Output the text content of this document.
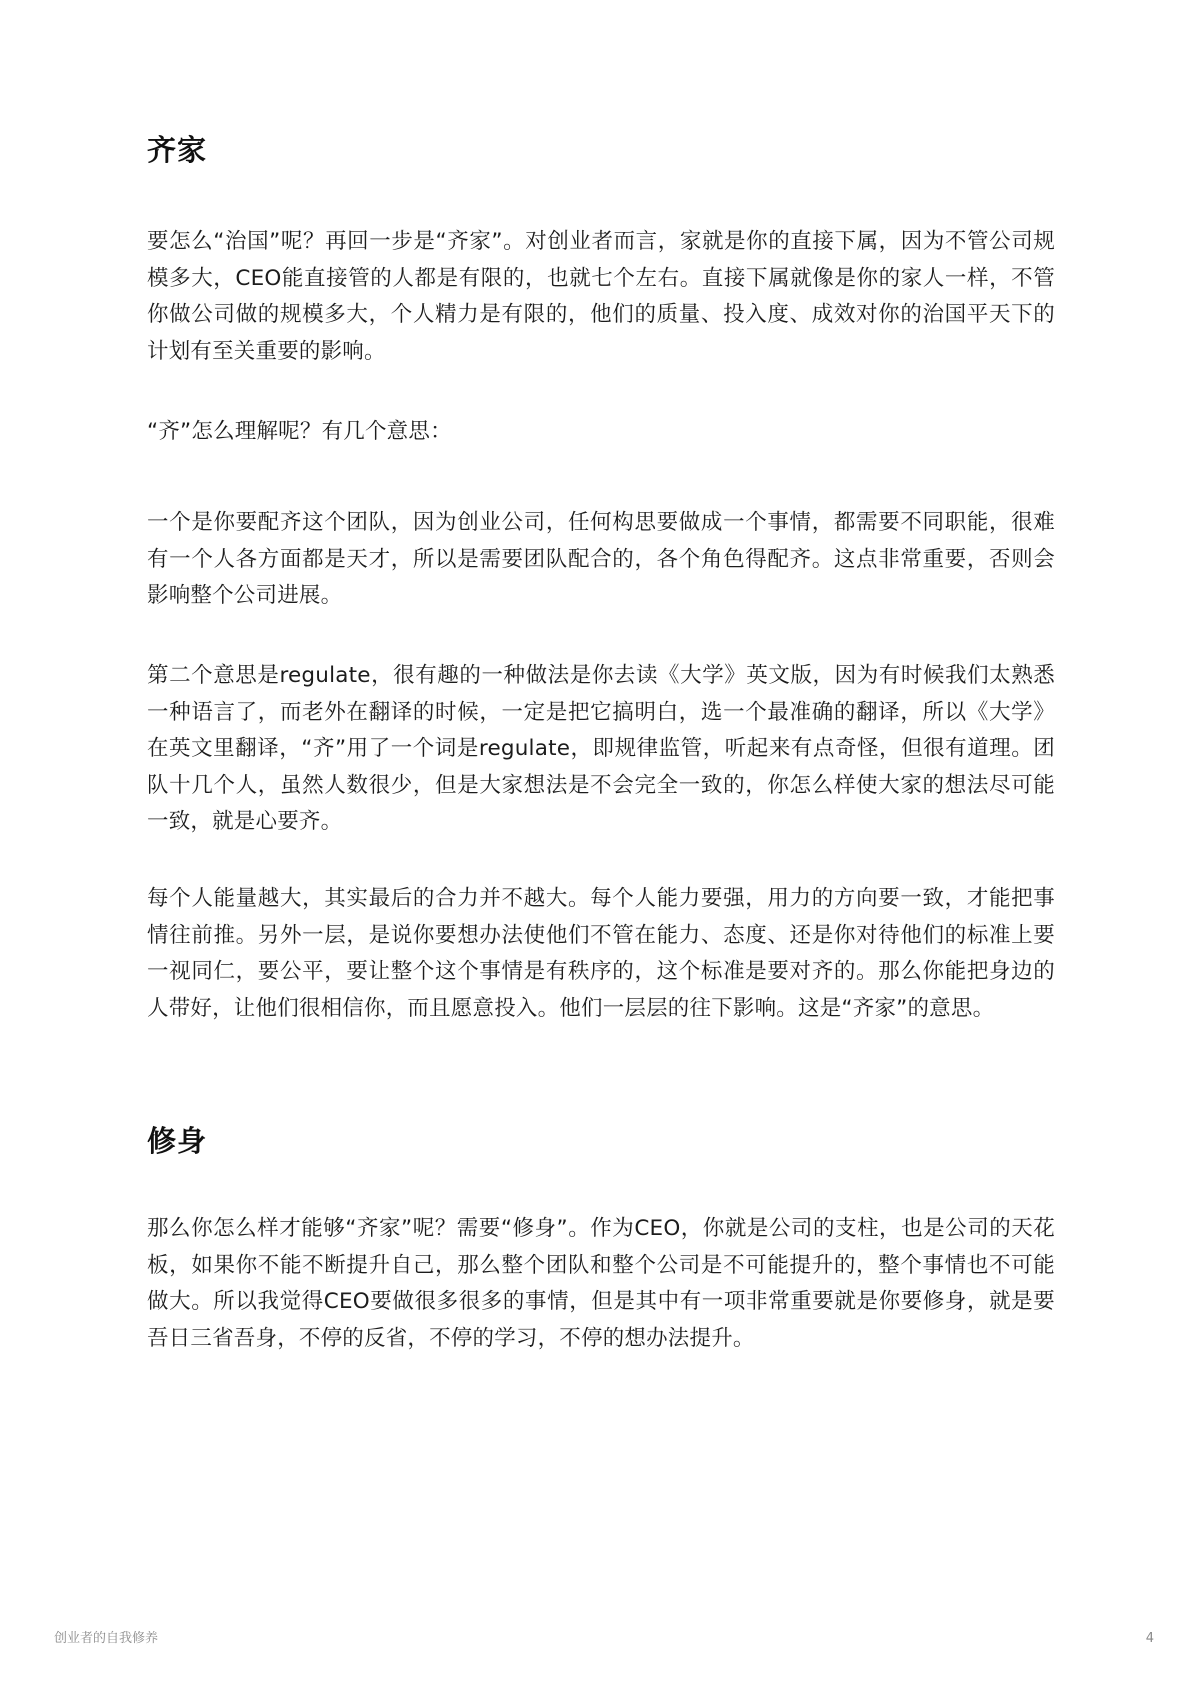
齐家

要怎么“治国”呢？再回一步是“齐家”。对创业者而言，家就是你的直接下属，因为不管公司规模多大，CEO能直接管的人都是有限的，也就七个左右。直接下属就像是你的家人一样，不管你做公司做的规模多大，个人精力是有限的，他们的质量、投入度、成效对你的治国平天下的计划有至关重要的影响。

“齐”怎么理解呢？有几个意思：

一个是你要配齐这个团队，因为创业公司，任何构思要做成一个事情，都需要不同职能，很难有一个人各方面都是天才，所以是需要团队配合的，各个角色得配齐。这点非常重要，否则会影响整个公司进展。

第二个意思是regulate，很有趣的一种做法是你去读《大学》英文版，因为有时候我们太熟悉一种语言了，而老外在翻译的时候，一定是把它搞明白，选一个最准确的翻译，所以《大学》在英文里翻译，“齐”用了一个词是regulate，即规律监管，听起来有点奇怪，但很有道理。团队十几个人，虽然人数很少，但是大家想法是不会完全一致的，你怎么样使大家的想法尽可能一致，就是心要齐。

每个人能量越大，其实最后的合力并不越大。每个人能力要强，用力的方向要一致，才能把事情往前推。另外一层，是说你要想办法使他们不管在能力、态度、还是你对待他们的标准上要一视同仁，要公平，要让整个这个事情是有秩序的，这个标准是要对齐的。那么你能把身边的人带好，让他们很相信你，而且愿意投入。他们一层层的往下影响。这是“齐家”的意思。

修身

那么你怎么样才能够“齐家”呢？需要“修身”。作为CEO，你就是公司的支柱，也是公司的天花板，如果你不能不断提升自己，那么整个团队和整个公司是不可能提升的，整个事情也不可能做大。所以我觉得CEO要做很多很多的事情，但是其中有一项非常重要就是你要修身，就是要吾日三省吾身，不停的反省，不停的学习，不停的想办法提升。

创业者的自我修养	4
